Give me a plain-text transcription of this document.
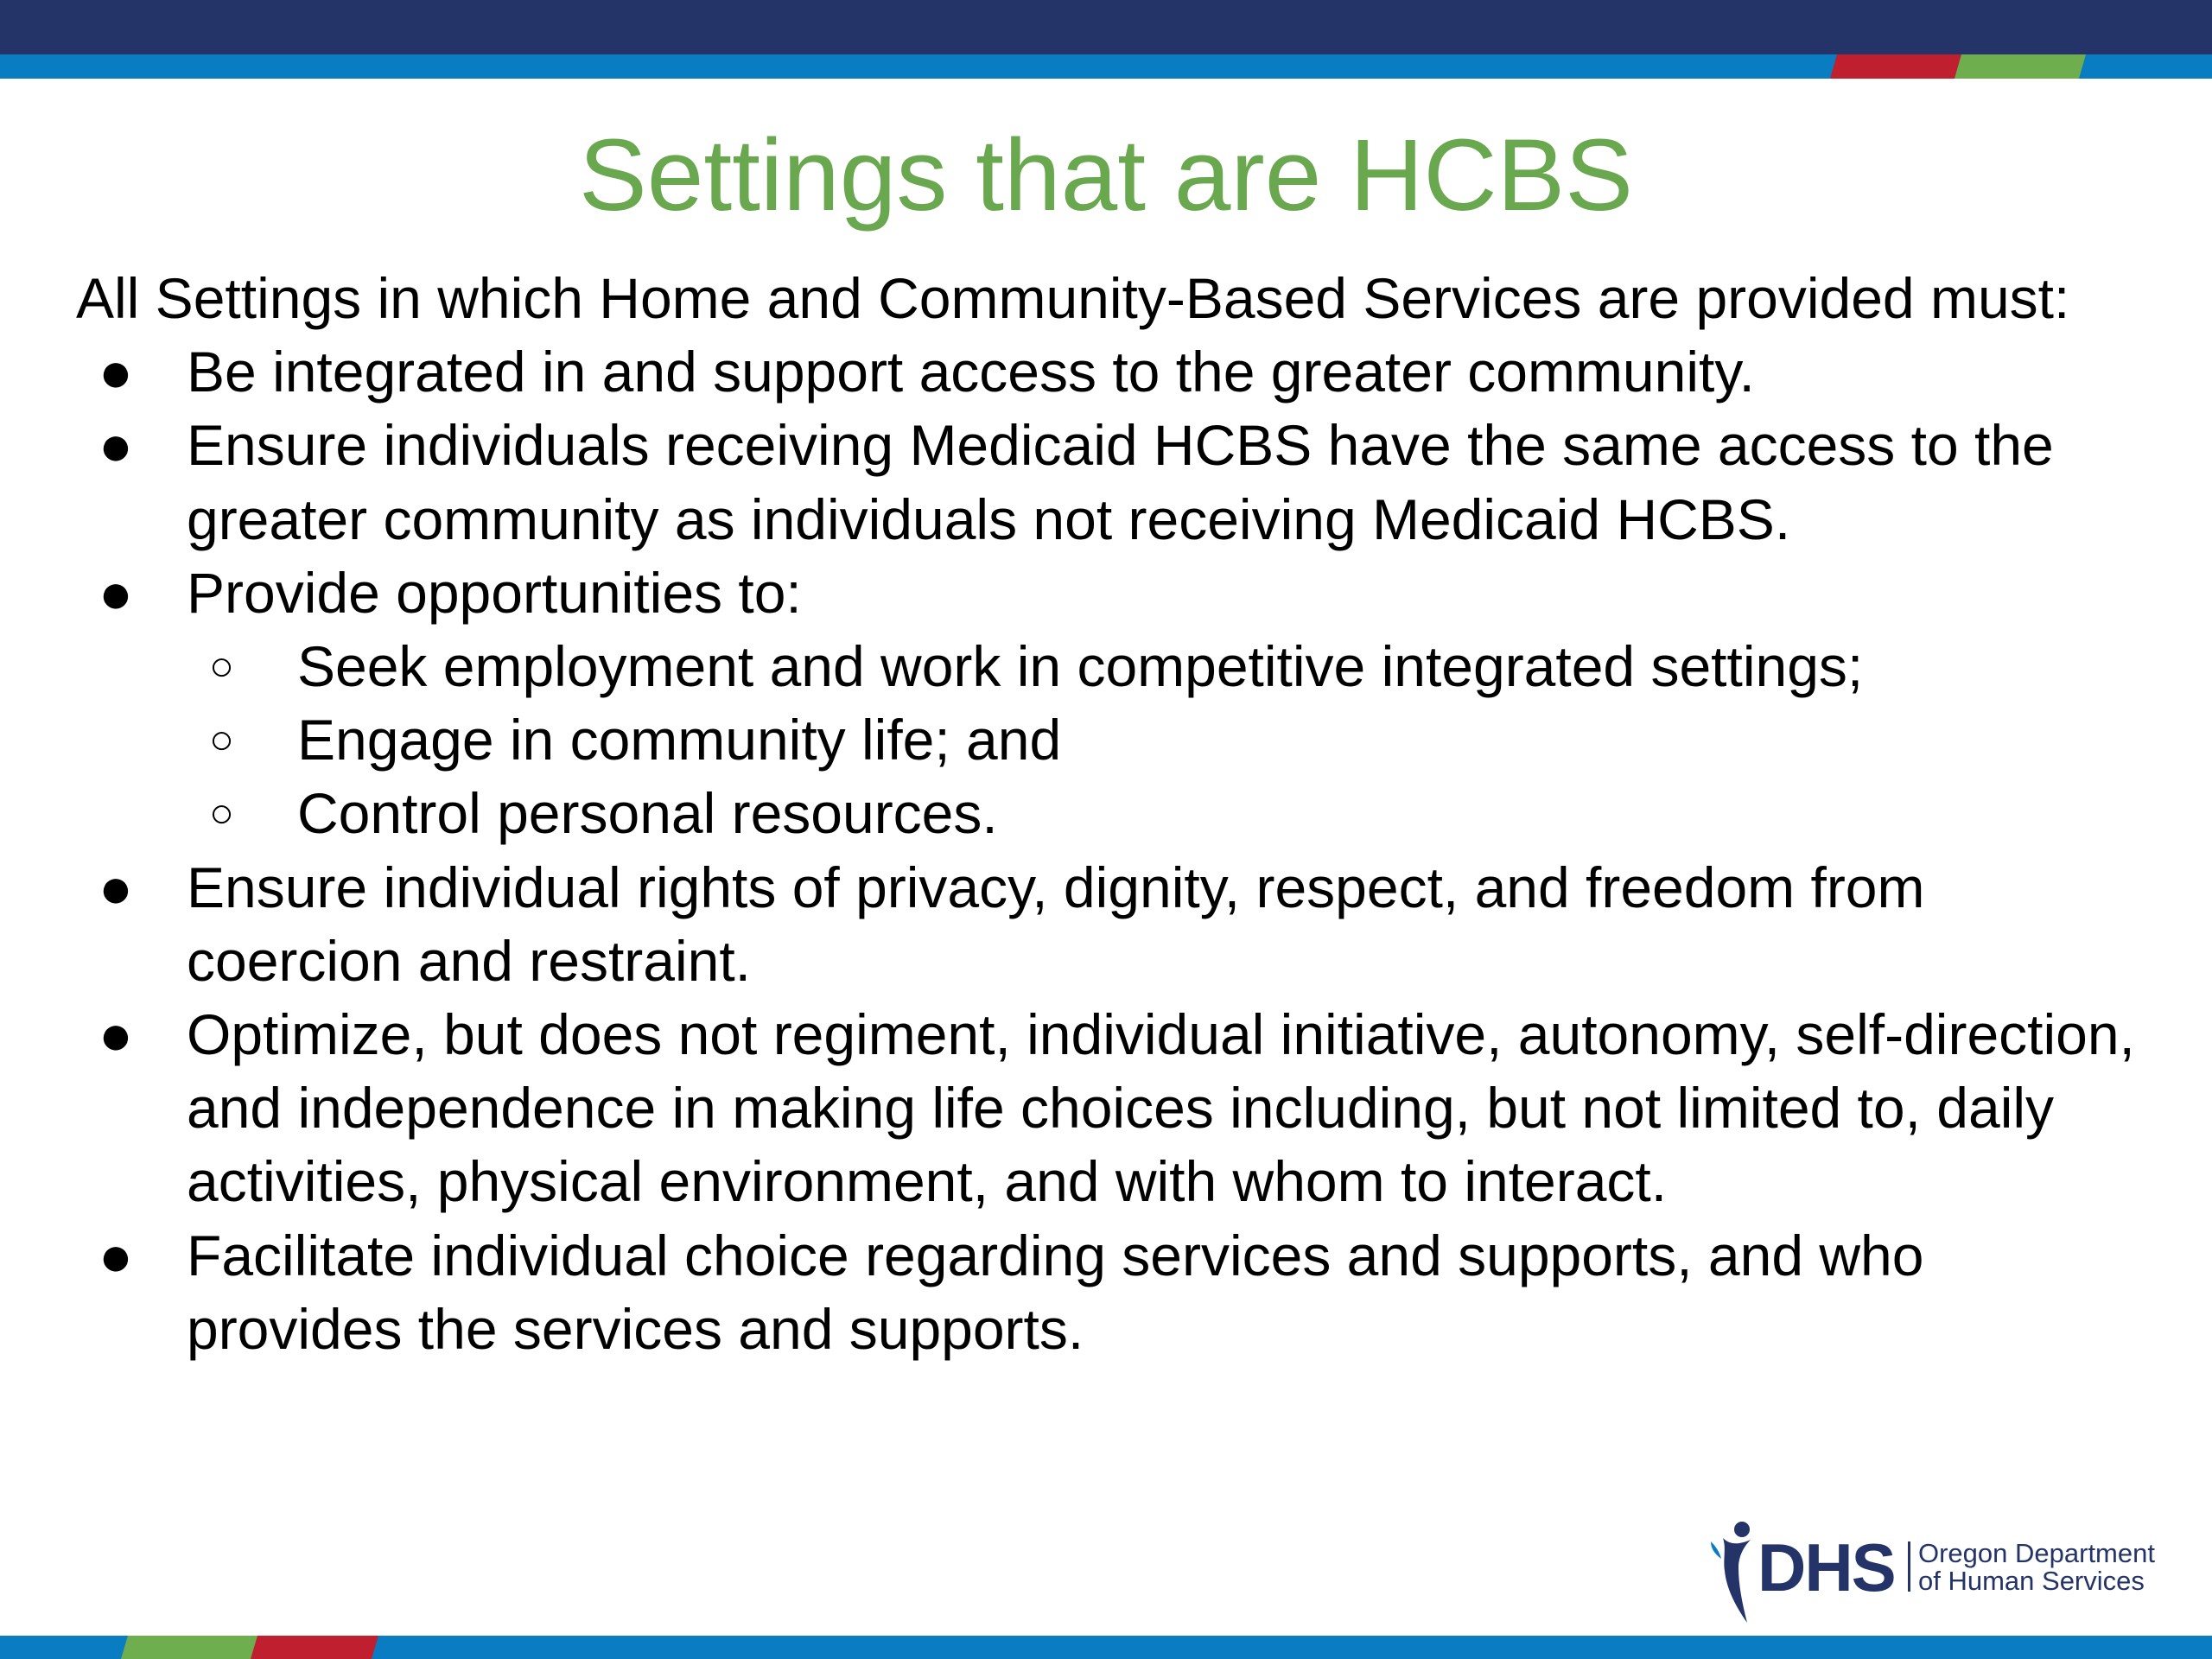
Settings that are HCBS

All Settings in which Home and Community-Based Services are provided must:

● Be integrated in and support access to the greater community.
● Ensure individuals receiving Medicaid HCBS have the same access to the greater community as individuals not receiving Medicaid HCBS.
● Provide opportunities to:
○	Seek employment and work in competitive integrated settings;
○	Engage in community life; and
○	Control personal resources.
● Ensure individual rights of privacy, dignity, respect, and freedom from coercion and restraint.
● Optimize, but does not regiment, individual initiative, autonomy, self-direction, and independence in making life choices including, but not limited to, daily activities, physical environment, and with whom to interact.
● Facilitate individual choice regarding services and supports, and who provides the services and supports.
DHS Oregon Department
of Human Services
